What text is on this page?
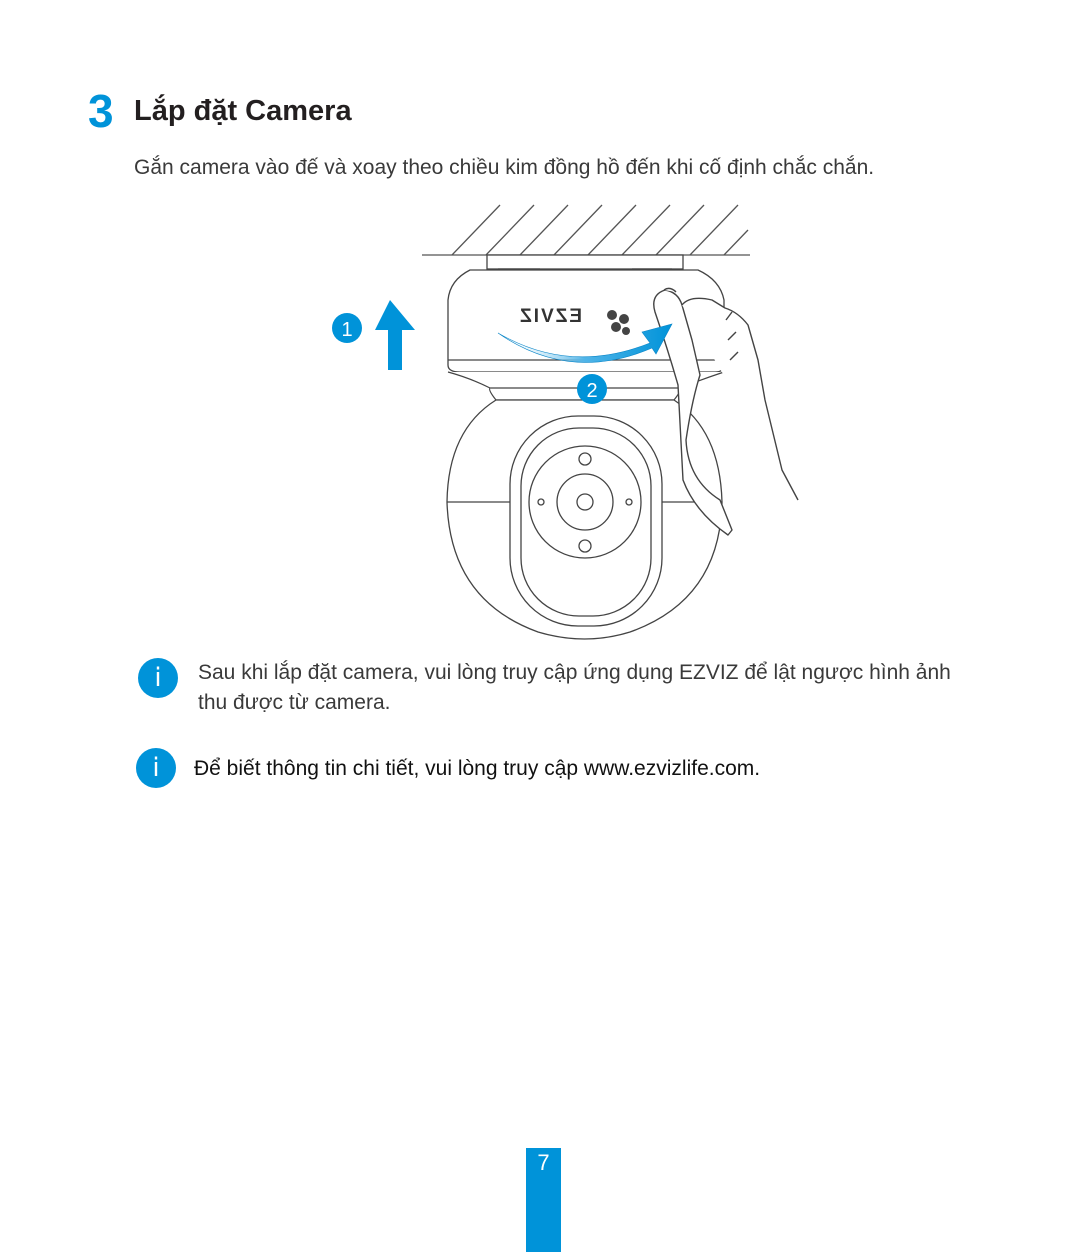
3 Lắp đặt Camera
Gắn camera vào đế và xoay theo chiều kim đồng hồ đến khi cố định chắc chắn.
EZVIZ
1
2
i	Sau khi lắp đặt camera, vui lòng truy cập ứng dụng EZVIZ để lật ngược hình ảnh thu được từ camera.
i	Để biết thông tin chi tiết, vui lòng truy cập www.ezvizlife.com.
7
